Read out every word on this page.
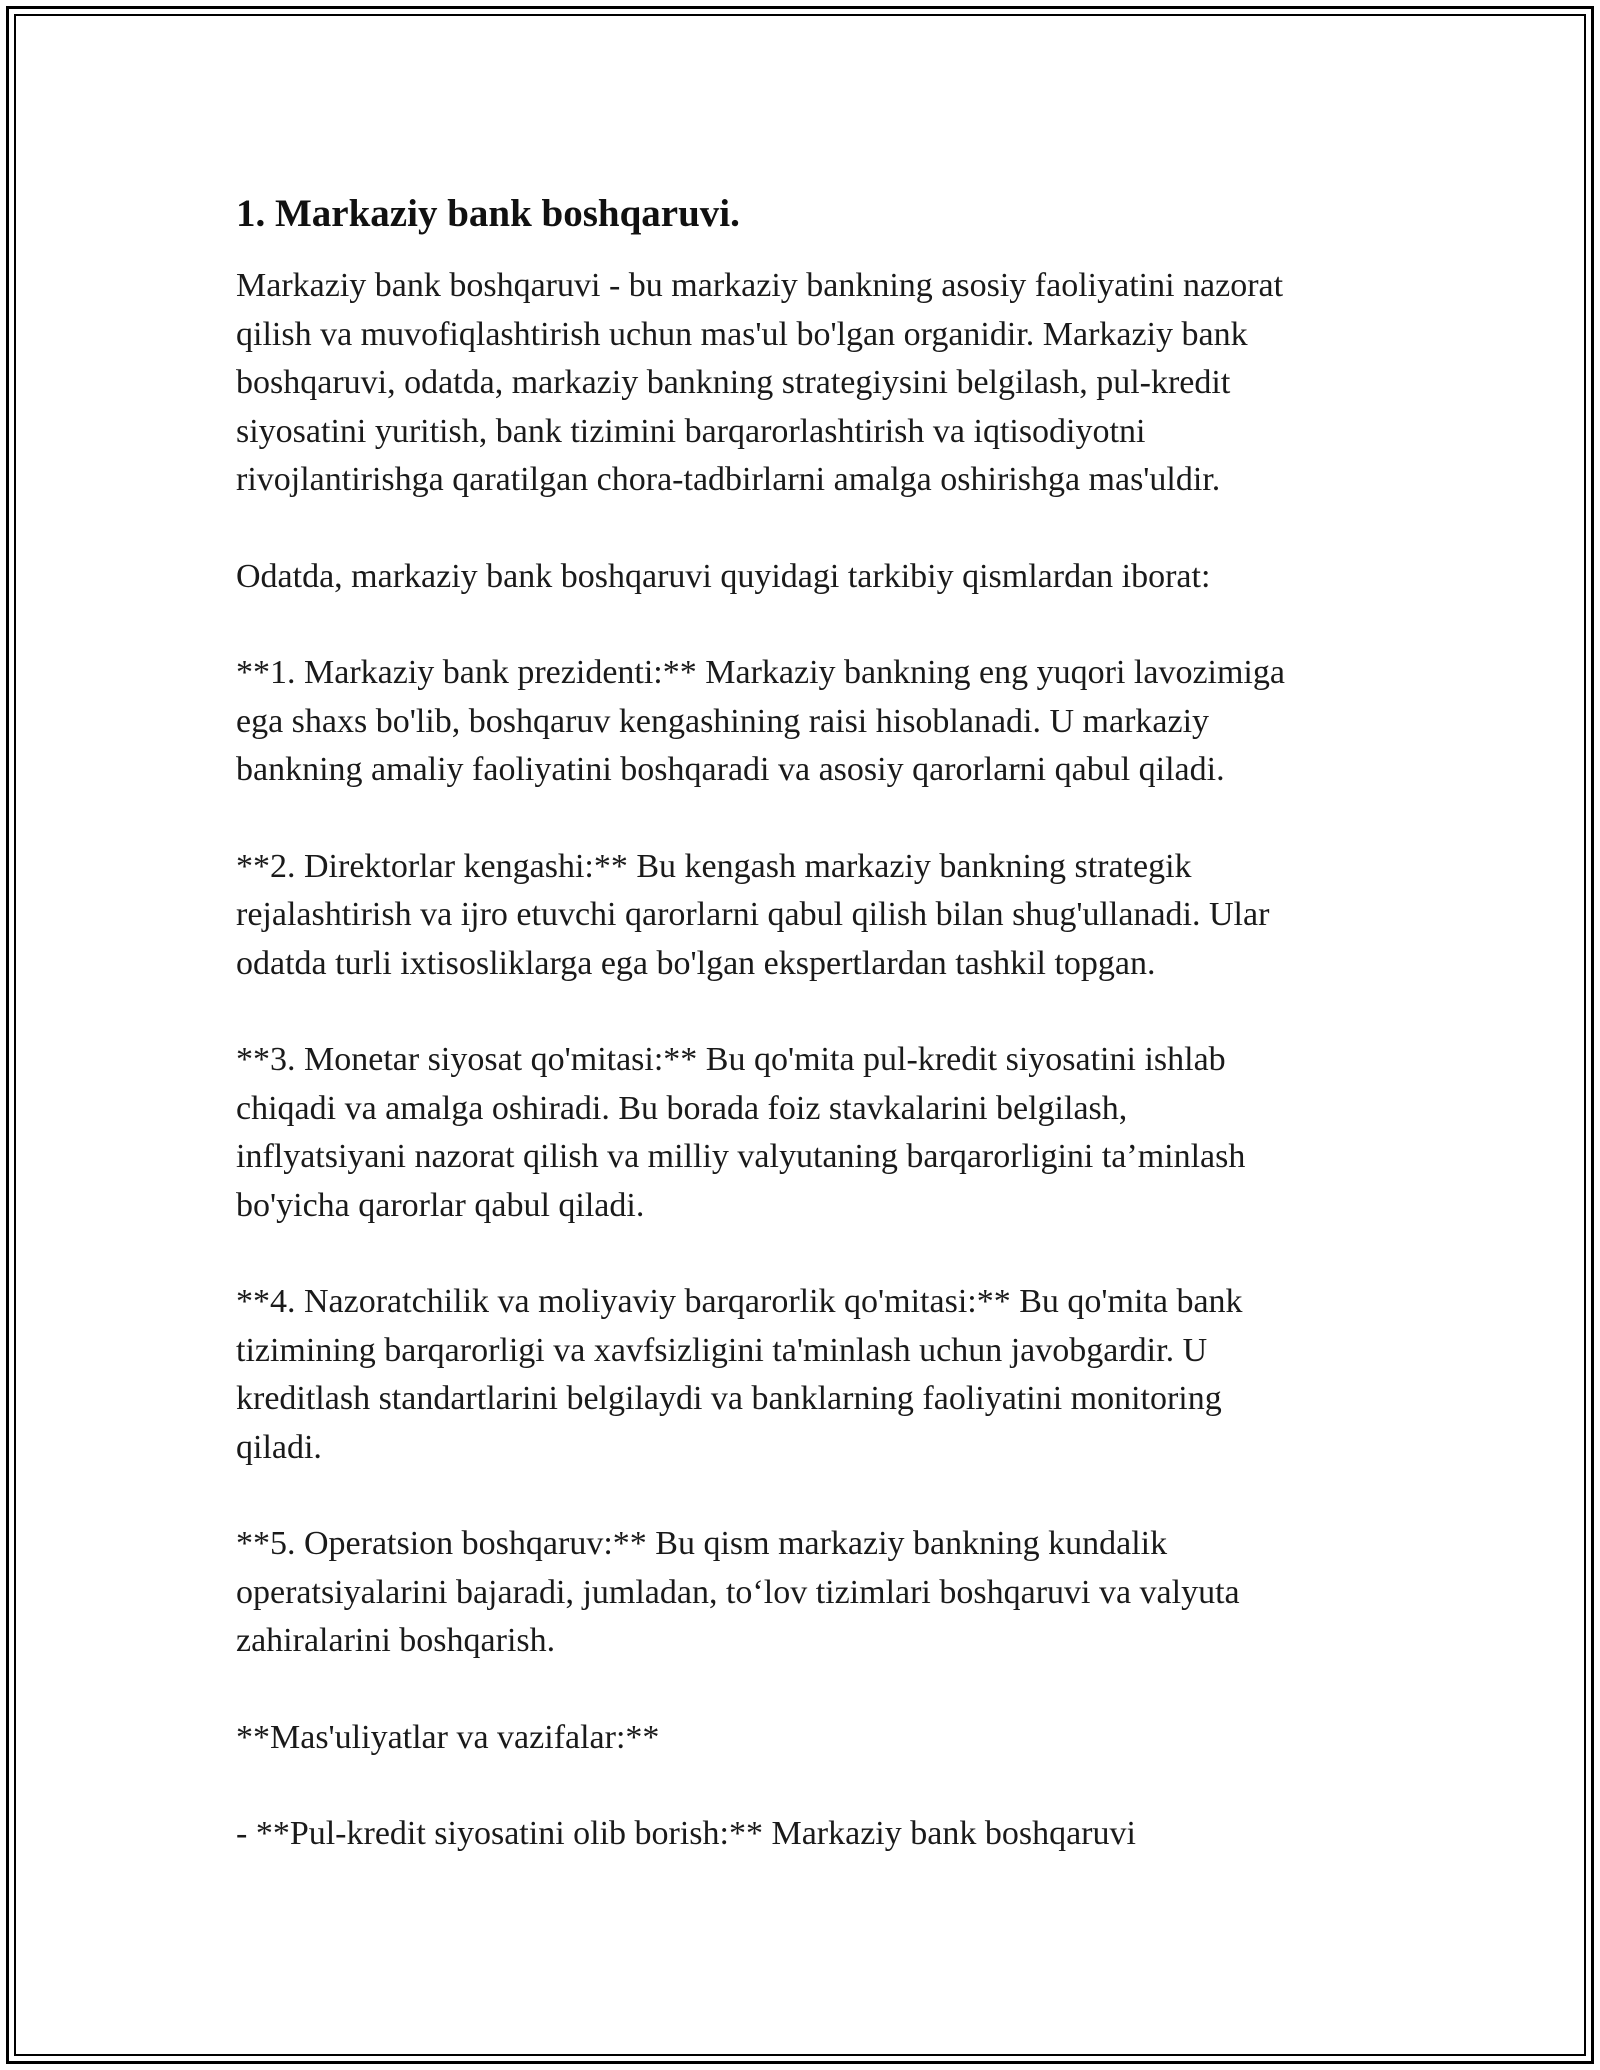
1. Markaziy bank boshqaruvi.

Markaziy bank boshqaruvi - bu markaziy bankning asosiy faoliyatini nazorat
qilish va muvofiqlashtirish uchun mas'ul bo'lgan organidir. Markaziy bank
boshqaruvi, odatda, markaziy bankning strategiysini belgilash, pul-kredit
siyosatini yuritish, bank tizimini barqarorlashtirish va iqtisodiyotni
rivojlantirishga qaratilgan chora-tadbirlarni amalga oshirishga mas'uldir.

Odatda, markaziy bank boshqaruvi quyidagi tarkibiy qismlardan iborat:

**1. Markaziy bank prezidenti:** Markaziy bankning eng yuqori lavozimiga
ega shaxs bo'lib, boshqaruv kengashining raisi hisoblanadi. U markaziy
bankning amaliy faoliyatini boshqaradi va asosiy qarorlarni qabul qiladi.

**2. Direktorlar kengashi:** Bu kengash markaziy bankning strategik
rejalashtirish va ijro etuvchi qarorlarni qabul qilish bilan shug'ullanadi. Ular
odatda turli ixtisosliklarga ega bo'lgan ekspertlardan tashkil topgan.

**3. Monetar siyosat qo'mitasi:** Bu qo'mita pul-kredit siyosatini ishlab
chiqadi va amalga oshiradi. Bu borada foiz stavkalarini belgilash,
inflyatsiyani nazorat qilish va milliy valyutaning barqarorligini ta’minlash
bo'yicha qarorlar qabul qiladi.

**4. Nazoratchilik va moliyaviy barqarorlik qo'mitasi:** Bu qo'mita bank
tizimining barqarorligi va xavfsizligini ta'minlash uchun javobgardir. U
kreditlash standartlarini belgilaydi va banklarning faoliyatini monitoring
qiladi.

**5. Operatsion boshqaruv:** Bu qism markaziy bankning kundalik
operatsiyalarini bajaradi, jumladan, to‘lov tizimlari boshqaruvi va valyuta
zahiralarini boshqarish.

**Mas'uliyatlar va vazifalar:**

- **Pul-kredit siyosatini olib borish:** Markaziy bank boshqaruvi
